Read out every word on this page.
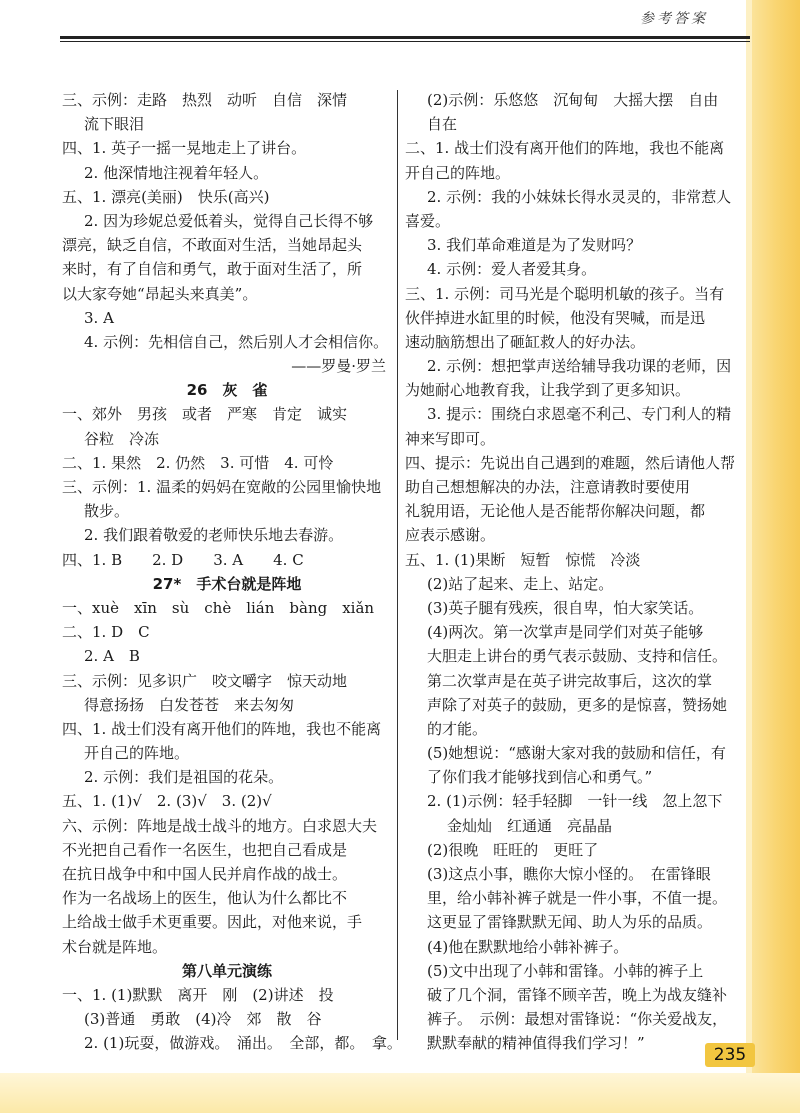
参考答案
三、示例：走路　热烈　动听　自信　深情
流下眼泪
四、1. 英子一摇一晃地走上了讲台。
2. 他深情地注视着年轻人。
五、1. 漂亮(美丽)　快乐(高兴)
2. 因为珍妮总爱低着头，觉得自己长得不够
漂亮，缺乏自信，不敢面对生活，当她昂起头
来时，有了自信和勇气，敢于面对生活了，所
以大家夸她“昂起头来真美”。
3. A
4. 示例：先相信自己，然后别人才会相信你。
——罗曼·罗兰
26　灰　雀
一、郊外　男孩　或者　严寒　肯定　诚实
谷粒　冷冻
二、1. 果然　2. 仍然　3. 可惜　4. 可怜
三、示例：1. 温柔的妈妈在宽敞的公园里愉快地
散步。
2. 我们跟着敬爱的老师快乐地去春游。
四、1. B　　2. D　　3. A　　4. C
27*　手术台就是阵地
一、xuè　xīn　sù　chè　lián　bàng　xiǎn
二、1. D　C
2. A　B
三、示例：见多识广　咬文嚼字　惊天动地
得意扬扬　白发苍苍　来去匆匆
四、1. 战士们没有离开他们的阵地，我也不能离
开自己的阵地。
2. 示例：我们是祖国的花朵。
五、1. (1)√　2. (3)√　3. (2)√
六、示例：阵地是战士战斗的地方。白求恩大夫
不光把自己看作一名医生，也把自己看成是
在抗日战争中和中国人民并肩作战的战士。
作为一名战场上的医生，他认为什么都比不
上给战士做手术更重要。因此，对他来说，手
术台就是阵地。
第八单元演练
一、1. (1)默默　离开　刚　(2)讲述　投
(3)普通　勇敢　(4)冷　郊　散　谷
2. (1)玩耍，做游戏。　涌出。　全部，都。　拿。
(2)示例：乐悠悠　沉甸甸　大摇大摆　自由
自在
二、1. 战士们没有离开他们的阵地，我也不能离
开自己的阵地。
2. 示例：我的小妹妹长得水灵灵的，非常惹人
喜爱。
3. 我们革命难道是为了发财吗？
4. 示例：爱人者爱其身。
三、1. 示例：司马光是个聪明机敏的孩子。当有
伙伴掉进水缸里的时候，他没有哭喊，而是迅
速动脑筋想出了砸缸救人的好办法。
2. 示例：想把掌声送给辅导我功课的老师，因
为她耐心地教育我，让我学到了更多知识。
3. 提示：围绕白求恩毫不利己、专门利人的精
神来写即可。
四、提示：先说出自己遇到的难题，然后请他人帮
助自己想想解决的办法，注意请教时要使用
礼貌用语，无论他人是否能帮你解决问题，都
应表示感谢。
五、1. (1)果断　短暂　惊慌　冷淡
(2)站了起来、走上、站定。
(3)英子腿有残疾，很自卑，怕大家笑话。
(4)两次。第一次掌声是同学们对英子能够
大胆走上讲台的勇气表示鼓励、支持和信任。
第二次掌声是在英子讲完故事后，这次的掌
声除了对英子的鼓励，更多的是惊喜，赞扬她
的才能。
(5)她想说：“感谢大家对我的鼓励和信任，有
了你们我才能够找到信心和勇气。”
2. (1)示例：轻手轻脚　一针一线　忽上忽下
金灿灿　红通通　亮晶晶
(2)很晚　旺旺的　更旺了
(3)这点小事，瞧你大惊小怪的。　在雷锋眼
里，给小韩补裤子就是一件小事，不值一提。
这更显了雷锋默默无闻、助人为乐的品质。
(4)他在默默地给小韩补裤子。
(5)文中出现了小韩和雷锋。小韩的裤子上
破了几个洞，雷锋不顾辛苦，晚上为战友缝补
裤子。　示例：最想对雷锋说：“你关爱战友，
默默奉献的精神值得我们学习！”
235
